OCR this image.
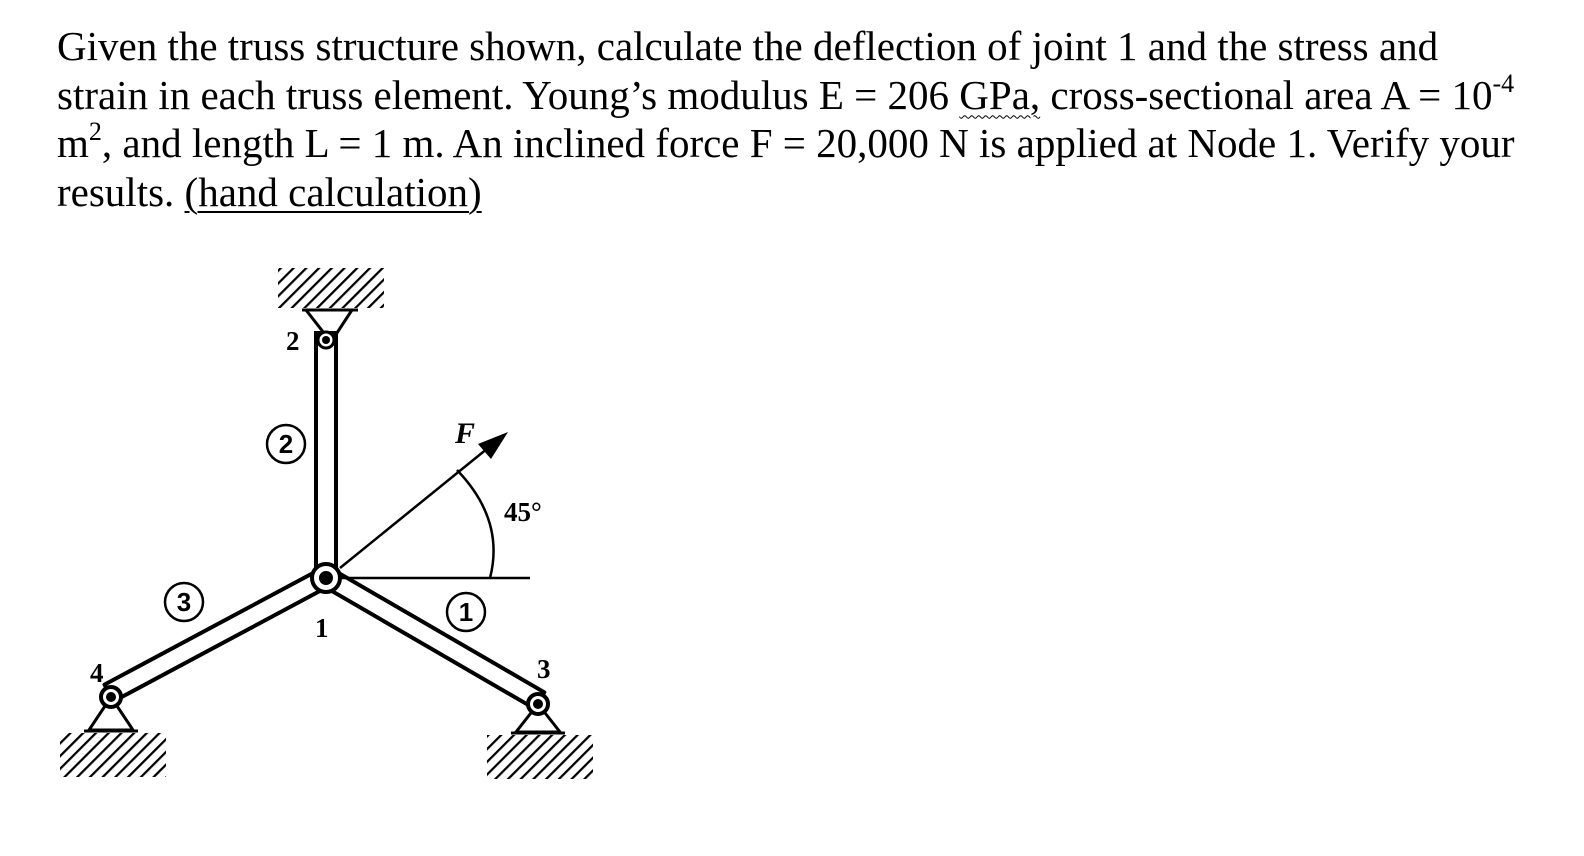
Given the truss structure shown, calculate the deflection of joint 1 and the stress and
strain in each truss element. Young’s modulus E = 206 GPa, cross-sectional area $A = 10^{-4}$
$m^2$, and length L = 1 m. An inclined force F = 20,000 N is applied at Node 1. Verify your
results. (hand calculation)

2
3	1
2
1
4	3
F
45°
